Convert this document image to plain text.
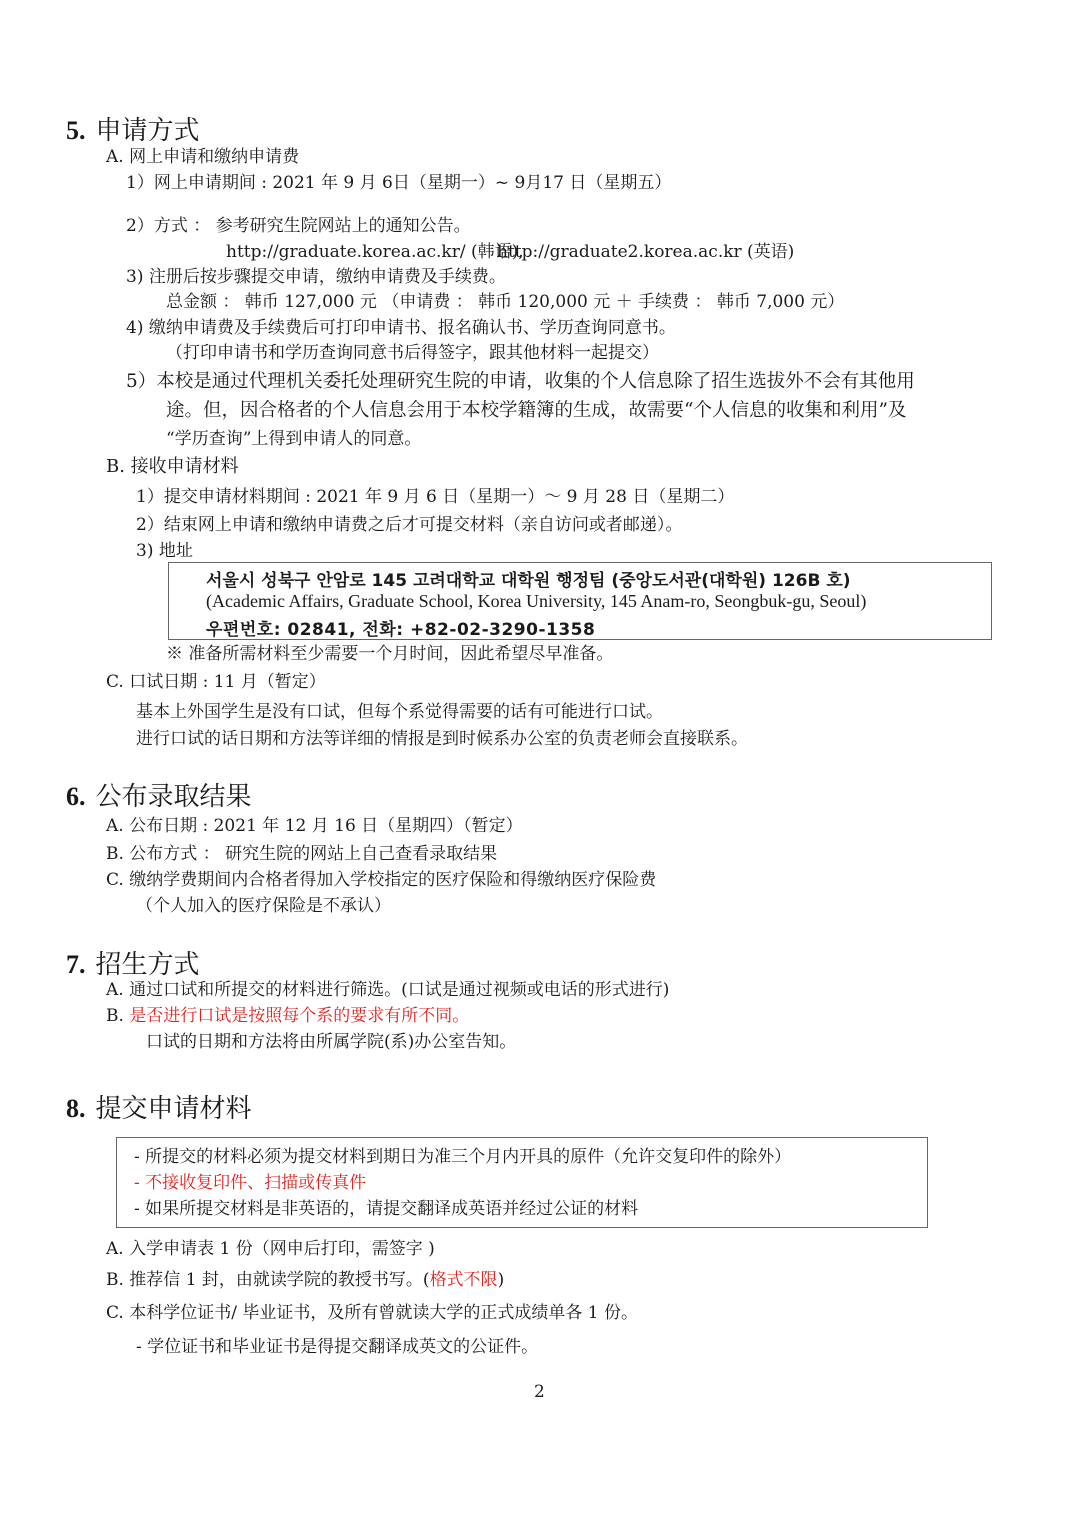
5. 申请方式
A. 网上申请和缴纳申请费
1）网上申请期间 : 2021 年 9 月 6日（星期一）~ 9月17 日（星期五）
2）方式 ： 参考研究生院网站上的通知公告。
http://graduate.korea.ac.kr/ (韩语),
http://graduate2.korea.ac.kr (英语)
3) 注册后按步骤提交申请，缴纳申请费及手续费。
总金额 ： 韩币 127,000 元 （申请费 ： 韩币 120,000 元 ＋ 手续费 ： 韩币 7,000 元）
4) 缴纳申请费及手续费后可打印申请书、报名确认书、学历查询同意书。
（打印申请书和学历查询同意书后得签字，跟其他材料一起提交）
5）本校是通过代理机关委托处理研究生院的申请，收集的个人信息除了招生选拔外不会有其他用
途。但，因合格者的个人信息会用于本校学籍簿的生成，故需要“个人信息的收集和利用”及
“学历查询”上得到申请人的同意。
B. 接收申请材料
1）提交申请材料期间 : 2021 年 9 月 6 日（星期一）～ 9 月 28 日（星期二）
2）结束网上申请和缴纳申请费之后才可提交材料（亲自访问或者邮递）。
3) 地址
서울시 성북구 안암로 145 고려대학교 대학원 행정팀 (중앙도서관(대학원) 126B 호)
(Academic Affairs, Graduate School, Korea University, 145 Anam-ro, Seongbuk-gu, Seoul)
우편번호: 02841, 전화: +82-02-3290-1358
※ 准备所需材料至少需要一个月时间，因此希望尽早准备。
C. 口试日期 : 11 月（暂定）
基本上外国学生是没有口试，但每个系觉得需要的话有可能进行口试。
进行口试的话日期和方法等详细的情报是到时候系办公室的负责老师会直接联系。
6. 公布录取结果
A. 公布日期 : 2021 年 12 月 16 日（星期四）（暂定）
B. 公布方式 ： 研究生院的网站上自己查看录取结果
C. 缴纳学费期间内合格者得加入学校指定的医疗保险和得缴纳医疗保险费
（个人加入的医疗保险是不承认）
7. 招生方式
A. 通过口试和所提交的材料进行筛选。(口试是通过视频或电话的形式进行)
B. 是否进行口试是按照每个系的要求有所不同。
口试的日期和方法将由所属学院(系)办公室告知。
8. 提交申请材料
- 所提交的材料必须为提交材料到期日为准三个月内开具的原件（允许交复印件的除外）
- 不接收复印件、扫描或传真件
- 如果所提交材料是非英语的，请提交翻译成英语并经过公证的材料
A. 入学申请表 1 份（网申后打印，需签字 )
B. 推荐信 1 封，由就读学院的教授书写。(格式不限)
C. 本科学位证书/ 毕业证书，及所有曾就读大学的正式成绩单各 1 份。
- 学位证书和毕业证书是得提交翻译成英文的公证件。
2
